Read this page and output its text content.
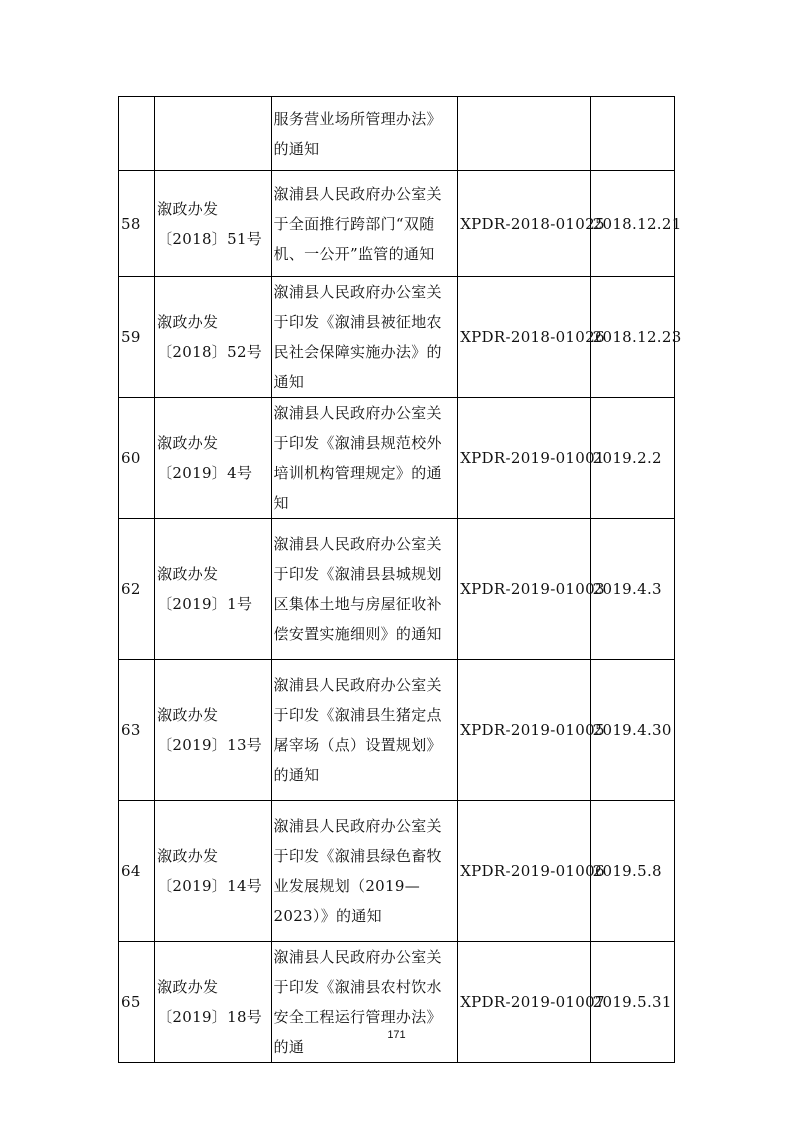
		服务营业场所管理办法》的通知		

58	溆政办发〔2018〕51号	溆浦县人民政府办公室关于全面推行跨部门“双随机、一公开”监管的通知	XPDR-2018-01025	2018.12.21

59	溆政办发〔2018〕52号	溆浦县人民政府办公室关于印发《溆浦县被征地农民社会保障实施办法》的通知	XPDR-2018-01026	2018.12.23

60	溆政办发〔2019〕4号	溆浦县人民政府办公室关于印发《溆浦县规范校外培训机构管理规定》的通知	XPDR-2019-01001	2019.2.2

62	溆政办发〔2019〕1号	溆浦县人民政府办公室关于印发《溆浦县县城规划区集体土地与房屋征收补偿安置实施细则》的通知	XPDR-2019-01003	2019.4.3

63	溆政办发〔2019〕13号	溆浦县人民政府办公室关于印发《溆浦县生猪定点屠宰场（点）设置规划》的通知	XPDR-2019-01005	2019.4.30

64	溆政办发〔2019〕14号	溆浦县人民政府办公室关于印发《溆浦县绿色畜牧业发展规划（2019—2023）》的通知	XPDR-2019-01006	2019.5.8

65	溆政办发〔2019〕18号	溆浦县人民政府办公室关于印发《溆浦县农村饮水安全工程运行管理办法》的通	XPDR-2019-01007	2019.5.31
171
